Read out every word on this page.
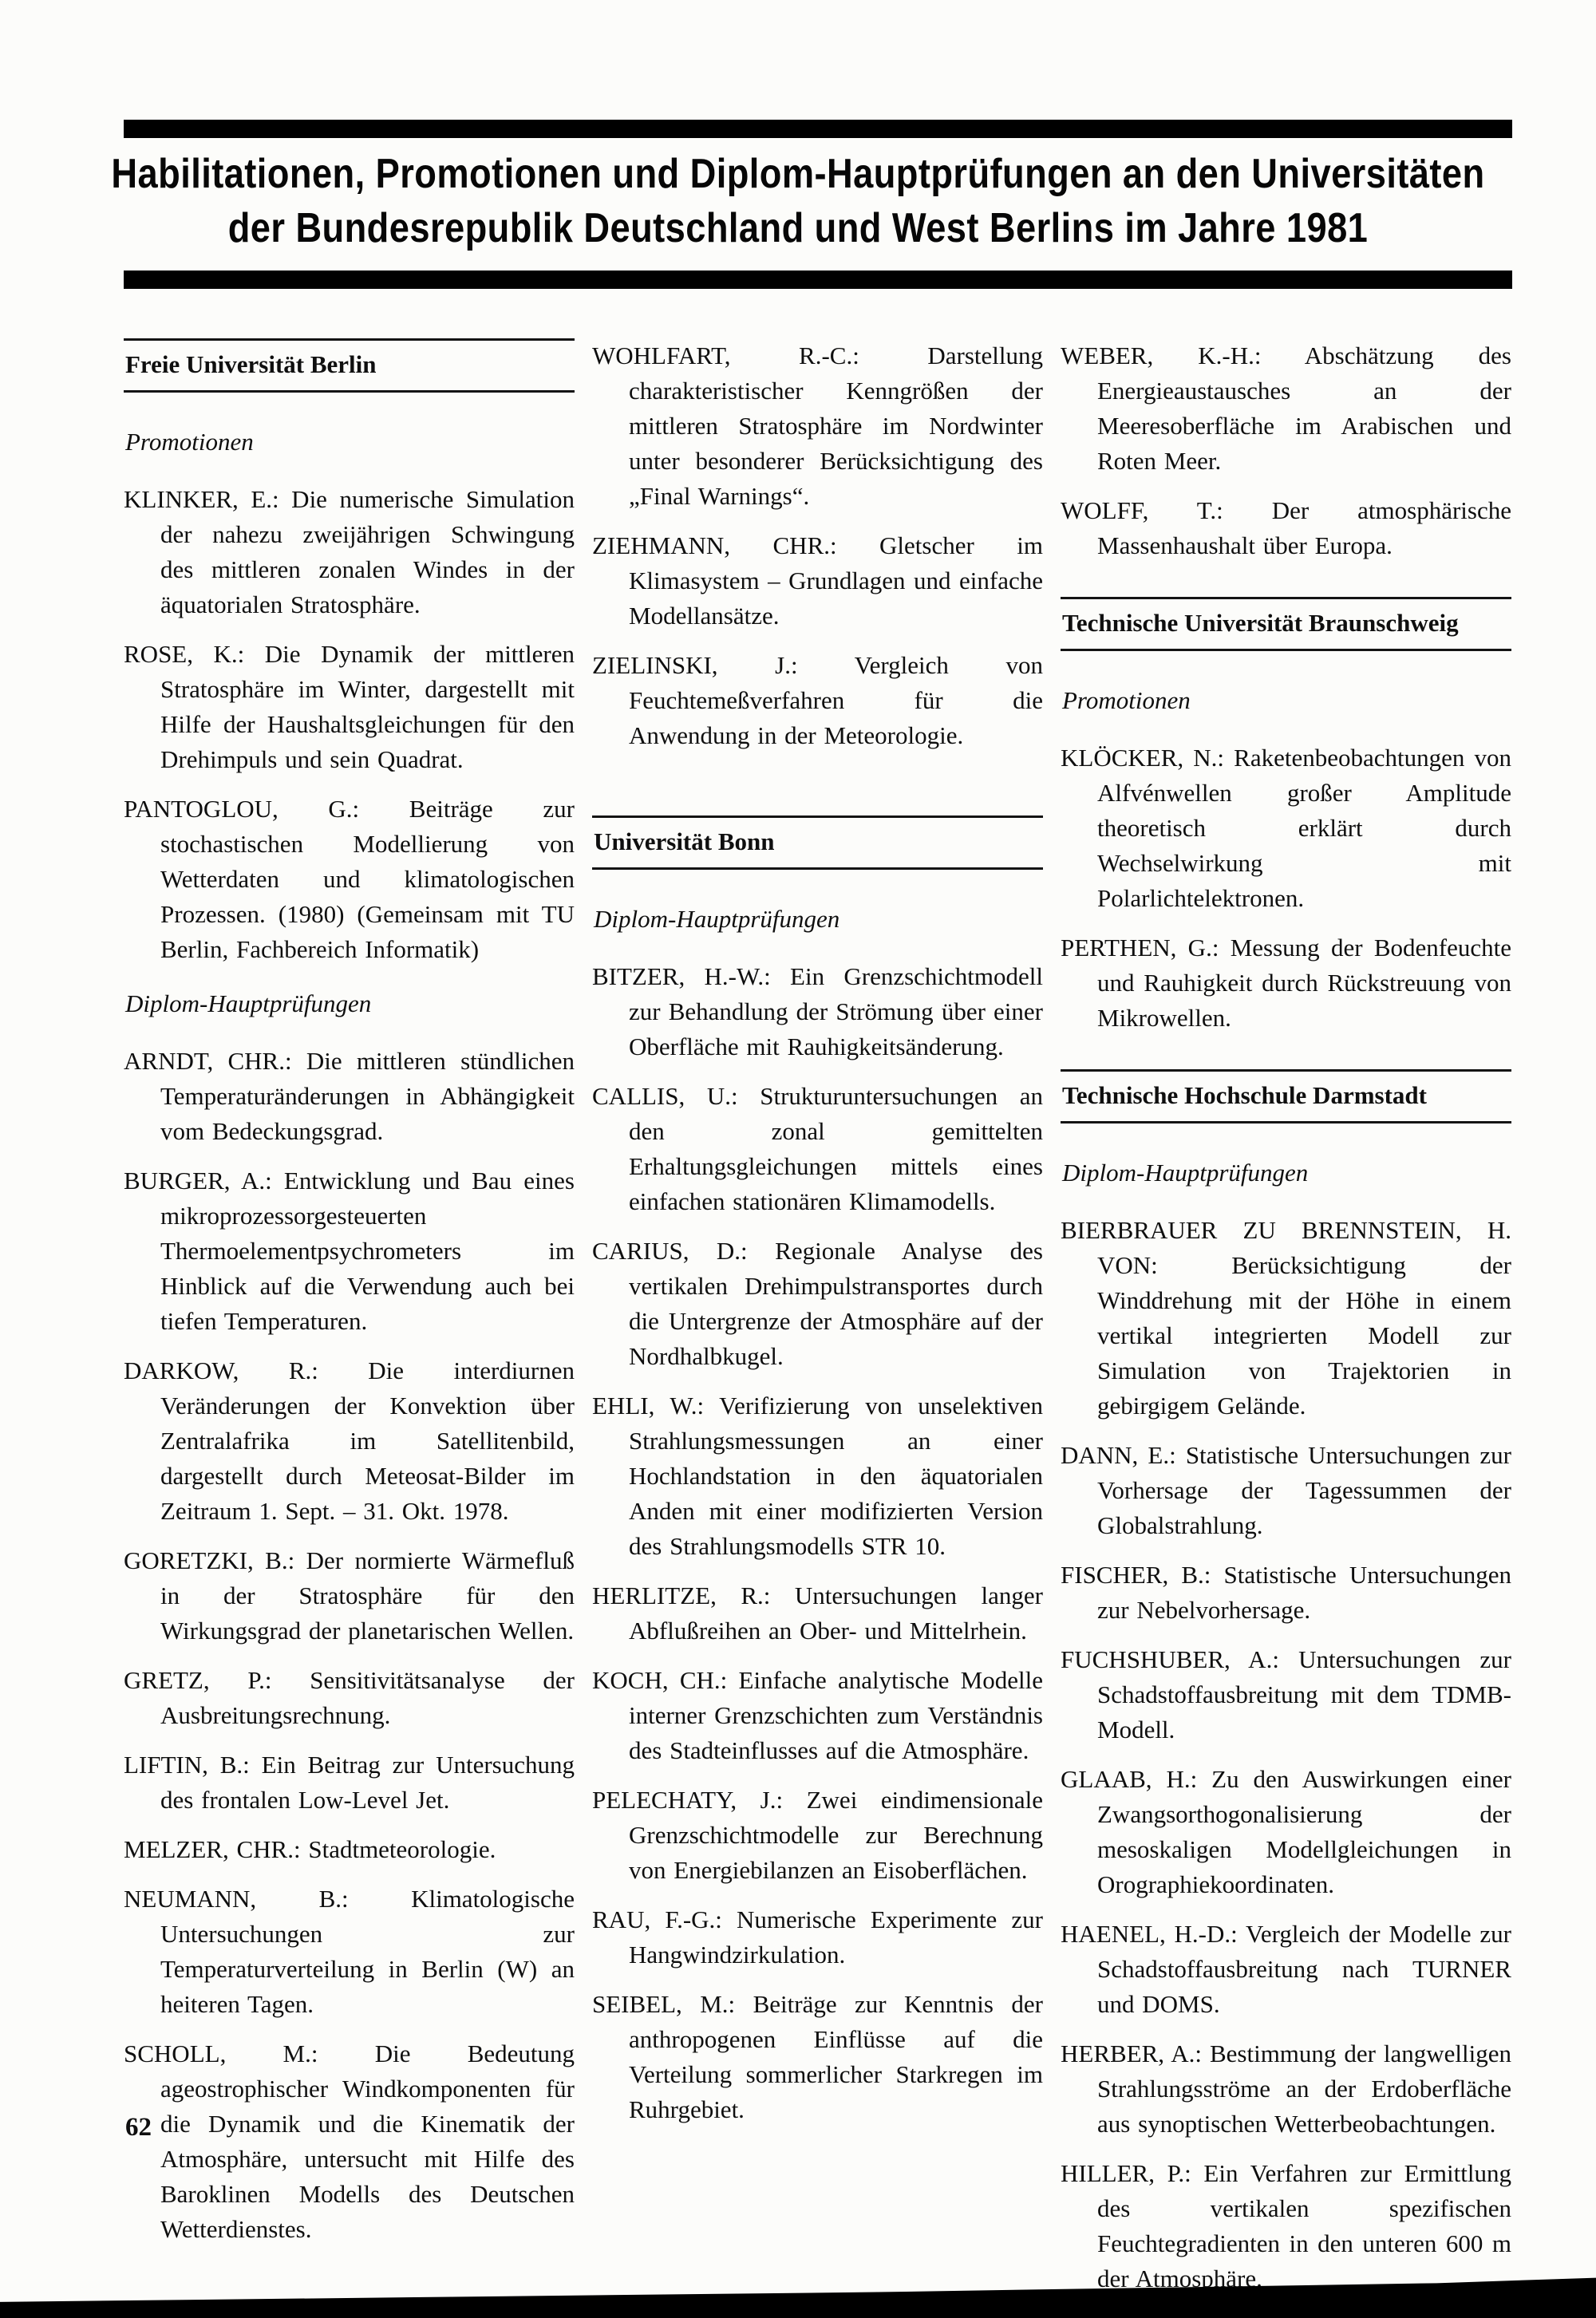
Habilitationen, Promotionen und Diplom-Hauptprüfungen an den Universitäten
der Bundesrepublik Deutschland und West Berlins im Jahre 1981
Freie Universität Berlin
Promotionen
KLINKER, E.: Die numerische Simulation der nahezu zweijährigen Schwingung des mittleren zonalen Windes in der äquatorialen Stratosphäre.
ROSE, K.: Die Dynamik der mittleren Stratosphäre im Winter, dargestellt mit Hilfe der Haushaltsgleichungen für den Drehimpuls und sein Quadrat.
PANTOGLOU, G.: Beiträge zur stochastischen Modellierung von Wetterdaten und klimatologischen Prozessen. (1980) (Gemeinsam mit TU Berlin, Fachbereich Informatik)
Diplom-Hauptprüfungen
ARNDT, CHR.: Die mittleren stündlichen Temperaturänderungen in Abhängigkeit vom Bedeckungsgrad.
BURGER, A.: Entwicklung und Bau eines mikroprozessorgesteuerten Thermoelementpsychrometers im Hinblick auf die Verwendung auch bei tiefen Temperaturen.
DARKOW, R.: Die interdiurnen Veränderungen der Konvektion über Zentralafrika im Satellitenbild, dargestellt durch Meteosat-Bilder im Zeitraum 1. Sept. – 31. Okt. 1978.
GORETZKI, B.: Der normierte Wärmefluß in der Stratosphäre für den Wirkungsgrad der planetarischen Wellen.
GRETZ, P.: Sensitivitätsanalyse der Ausbreitungsrechnung.
LIFTIN, B.: Ein Beitrag zur Untersuchung des frontalen Low-Level Jet.
MELZER, CHR.: Stadtmeteorologie.
NEUMANN, B.: Klimatologische Untersuchungen zur Temperaturverteilung in Berlin (W) an heiteren Tagen.
SCHOLL, M.: Die Bedeutung ageostrophischer Windkomponenten für die Dynamik und die Kinematik der Atmosphäre, untersucht mit Hilfe des Baroklinen Modells des Deutschen Wetterdienstes.
WOHLFART, R.-C.: Darstellung charakteristischer Kenngrößen der mittleren Stratosphäre im Nordwinter unter besonderer Berücksichtigung des „Final Warnings“.
ZIEHMANN, CHR.: Gletscher im Klimasystem – Grundlagen und einfache Modellansätze.
ZIELINSKI, J.: Vergleich von Feuchtemeßverfahren für die Anwendung in der Meteorologie.
Universität Bonn
Diplom-Hauptprüfungen
BITZER, H.-W.: Ein Grenzschichtmodell zur Behandlung der Strömung über einer Oberfläche mit Rauhigkeitsänderung.
CALLIS, U.: Strukturuntersuchungen an den zonal gemittelten Erhaltungsgleichungen mittels eines einfachen stationären Klimamodells.
CARIUS, D.: Regionale Analyse des vertikalen Drehimpulstransportes durch die Untergrenze der Atmosphäre auf der Nordhalbkugel.
EHLI, W.: Verifizierung von unselektiven Strahlungsmessungen an einer Hochlandstation in den äquatorialen Anden mit einer modifizierten Version des Strahlungsmodells STR 10.
HERLITZE, R.: Untersuchungen langer Abflußreihen an Ober- und Mittelrhein.
KOCH, CH.: Einfache analytische Modelle interner Grenzschichten zum Verständnis des Stadteinflusses auf die Atmosphäre.
PELECHATY, J.: Zwei eindimensionale Grenzschichtmodelle zur Berechnung von Energiebilanzen an Eisoberflächen.
RAU, F.-G.: Numerische Experimente zur Hangwindzirkulation.
SEIBEL, M.: Beiträge zur Kenntnis der anthropogenen Einflüsse auf die Verteilung sommerlicher Starkregen im Ruhrgebiet.
WEBER, K.-H.: Abschätzung des Energieaustausches an der Meeresoberfläche im Arabischen und Roten Meer.
WOLFF, T.: Der atmosphärische Massenhaushalt über Europa.
Technische Universität Braunschweig
Promotionen
KLÖCKER, N.: Raketenbeobachtungen von Alfvénwellen großer Amplitude theoretisch erklärt durch Wechselwirkung mit Polarlichtelektronen.
PERTHEN, G.: Messung der Bodenfeuchte und Rauhigkeit durch Rückstreuung von Mikrowellen.
Technische Hochschule Darmstadt
Diplom-Hauptprüfungen
BIERBRAUER ZU BRENNSTEIN, H. VON: Berücksichtigung der Winddrehung mit der Höhe in einem vertikal integrierten Modell zur Simulation von Trajektorien in gebirgigem Gelände.
DANN, E.: Statistische Untersuchungen zur Vorhersage der Tagessummen der Globalstrahlung.
FISCHER, B.: Statistische Untersuchungen zur Nebelvorhersage.
FUCHSHUBER, A.: Untersuchungen zur Schadstoffausbreitung mit dem TDMB-Modell.
GLAAB, H.: Zu den Auswirkungen einer Zwangsorthogonalisierung der mesoskaligen Modellgleichungen in Orographiekoordinaten.
HAENEL, H.-D.: Vergleich der Modelle zur Schadstoffausbreitung nach TURNER und DOMS.
HERBER, A.: Bestimmung der langwelligen Strahlungsströme an der Erdoberfläche aus synoptischen Wetterbeobachtungen.
HILLER, P.: Ein Verfahren zur Ermittlung des vertikalen spezifischen Feuchtegradienten in den unteren 600 m der Atmosphäre.
62
